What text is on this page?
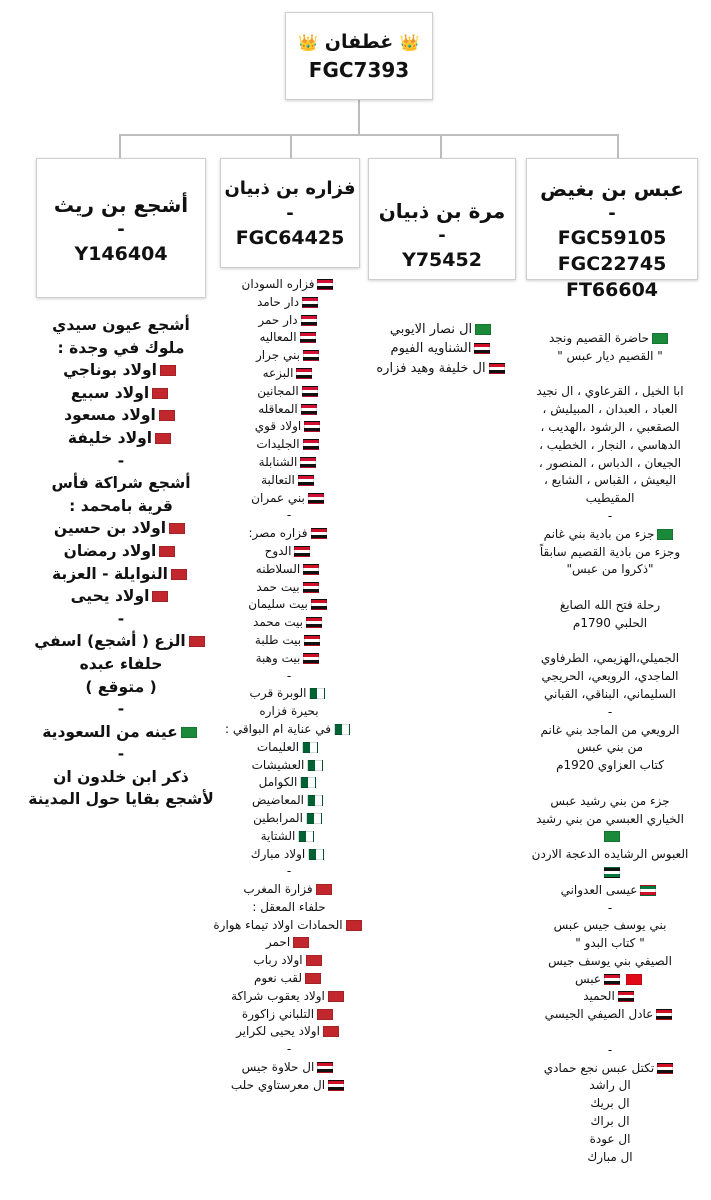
👑 غطفان 👑
FGC7393
عبس بن بغيض
-
FGC59105
FGC22745
FT66604
مرة بن ذبيان
-
Y75452
فزاره بن ذبيان
-
FGC64425
أشجع بن ريث
-
Y146404
حاضرة القصيم ونجد
" القصيم ديار عبس "

ابا الخيل ، القرعاوي ، ال نجيد
العباد ، العبدان ، المبيليش ،
الصقعبي ، الرشود ،الهديب ،
الدهاسي ، النجار ، الخطيب ،
الجيعان ، الدباس ، المنصور ،
اليعيش ، القباس ، الشايع ،
المقيطيب
-
جزء من بادية بني غانم
وجزء من بادية القصيم سابقاً
"ذكروا من عبس"

رحلة فتح الله الصايغ
الحلبي 1790م

الجميلي،الهزيمي، الطرفاوي
الماجدي، الرويعي، الحريجي
السليماني، البناقي، القباني
-
الرويعي من الماجد بني غانم
من بني عبس
كتاب العزاوي 1920م

جزء من بني رشيد عبس
الخياري العبسي من بني رشيد

العبوس الرشايده الدعجة الاردن

عيسى العدواني
-
بني يوسف جيس عبس
" كتاب البدو "
الصيفي بني يوسف جيس
عبس
الحميد
عادل الصيفي الجيسي

-
تكتل عبس نجع حمادي
ال راشد
ال بريك
ال براك
ال عودة
ال مبارك
ال نصار الايوبي
الشناويه الفيوم
ال خليفة وهيد فزاره
فزاره السودان
دار حامد
دار حمر
المعاليه
بني جرار
البزعه
المجانين
المعاقله
اولاد قوي
الجليدات
الشنابلة
التعالبة
بني عمران
-
فزاره مصر:
الدوح
السلاطنه
بيت حمد
بيت سليمان
بيت محمد
بيت طلبة
بيت وهبة
-
الوبرة قرب
بحيرة فزاره
في عناية ام البواقي :
العليمات
العشيشات
الكوامل
المعاضيض
المرابطين
الشتاية
اولاد مبارك
-
فزارة المغرب
حلفاء المعقل :
الحمادات اولاد تيماء هوارة
احمر
اولاد رباب
لقب نعوم
اولاد يعقوب شراكة
التلباني زاكورة
اولاد يحيى لكراير
-
ال حلاوة جيس
ال معرستاوي حلب
أشجع عيون سيدي
ملوك في وجدة :
اولاد بوناجي
اولاد سبيع
اولاد مسعود
اولاد خليفة
-
أشجع شراكة فأس
قرية بامحمد :
اولاد بن حسين
اولاد رمضان
النوايلة - العزبة
اولاد يحيى
-
الزع ( أشجع) اسفي
حلفاء عبده
( متوقع )
-
عينه من السعودية
-
ذكر ابن خلدون ان
لأشجع بقايا حول المدينة
